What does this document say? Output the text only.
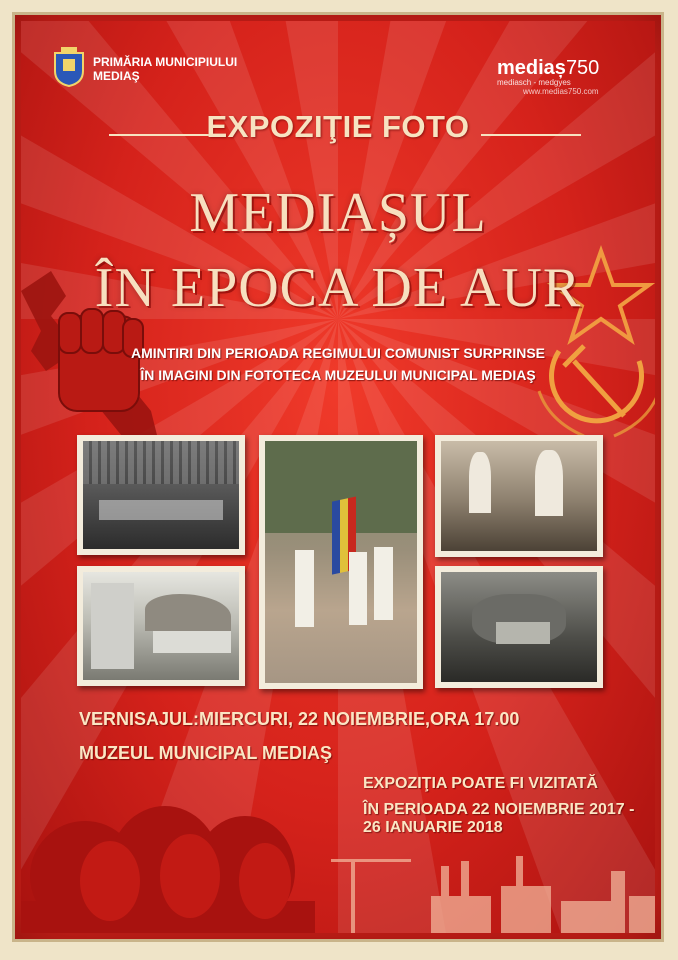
PRIMĂRIA MUNICIPIULUI
MEDIAŞ	mediaș750
mediasch - medgyes
www.medias750.com
EXPOZIŢIE FOTO
MEDIAȘUL
ÎN EPOCA DE AUR
AMINTIRI DIN PERIOADA REGIMULUI COMUNIST SURPRINSE
ÎN IMAGINI DIN FOTOTECA MUZEULUI MUNICIPAL MEDIAŞ
VERNISAJUL:MIERCURI, 22 NOIEMBRIE,ORA 17.00
MUZEUL MUNICIPAL MEDIAŞ
EXPOZIŢIA POATE FI VIZITATĂ
ÎN PERIOADA 22 NOIEMBRIE 2017 - 26 IANUARIE 2018
